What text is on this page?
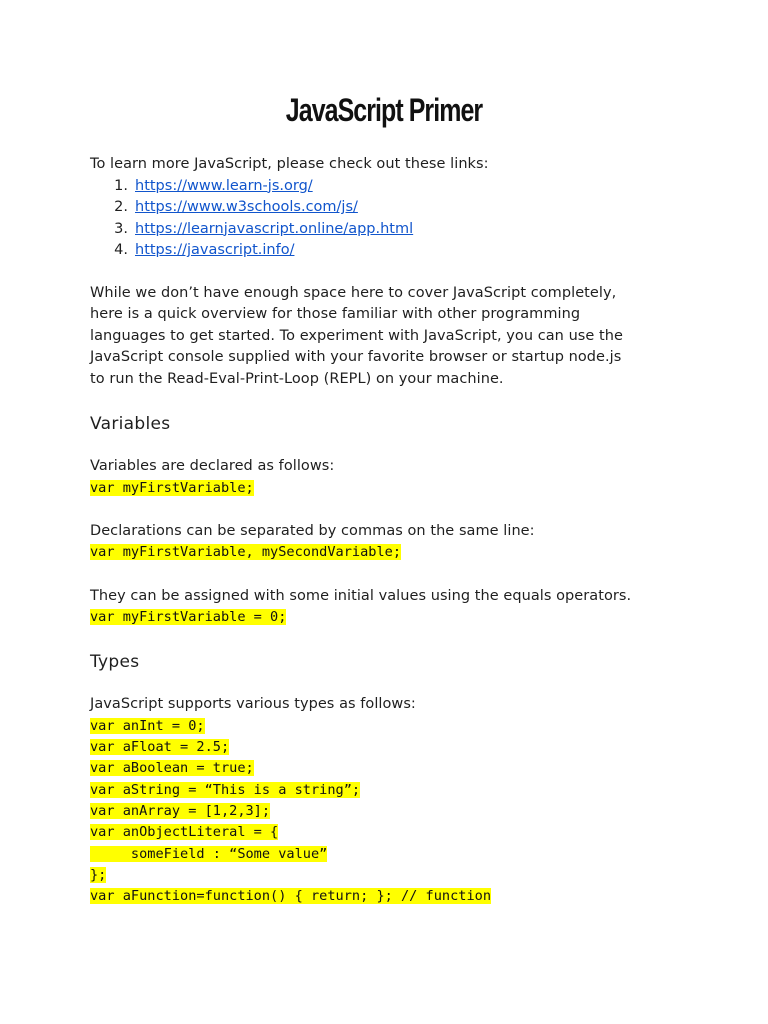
JavaScript Primer

To learn more JavaScript, please check out these links:

1. https://www.learn-js.org/
2. https://www.w3schools.com/js/
3. https://learnjavascript.online/app.html
4. https://javascript.info/

While we don’t have enough space here to cover JavaScript completely,

here is a quick overview for those familiar with other programming

languages to get started. To experiment with JavaScript, you can use the

JavaScript console supplied with your favorite browser or startup node.js

to run the Read-Eval-Print-Loop (REPL) on your machine.

Variables

Variables are declared as follows:

var myFirstVariable;

Declarations can be separated by commas on the same line:

var myFirstVariable, mySecondVariable;

They can be assigned with some initial values using the equals operators.

var myFirstVariable = 0;

Types

JavaScript supports various types as follows:

var anInt = 0;

var aFloat = 2.5;

var aBoolean = true;

var aString = “This is a string”;

var anArray = [1,2,3];

var anObjectLiteral = {

someField : “Some value”

};

var aFunction=function() { return; }; // function
